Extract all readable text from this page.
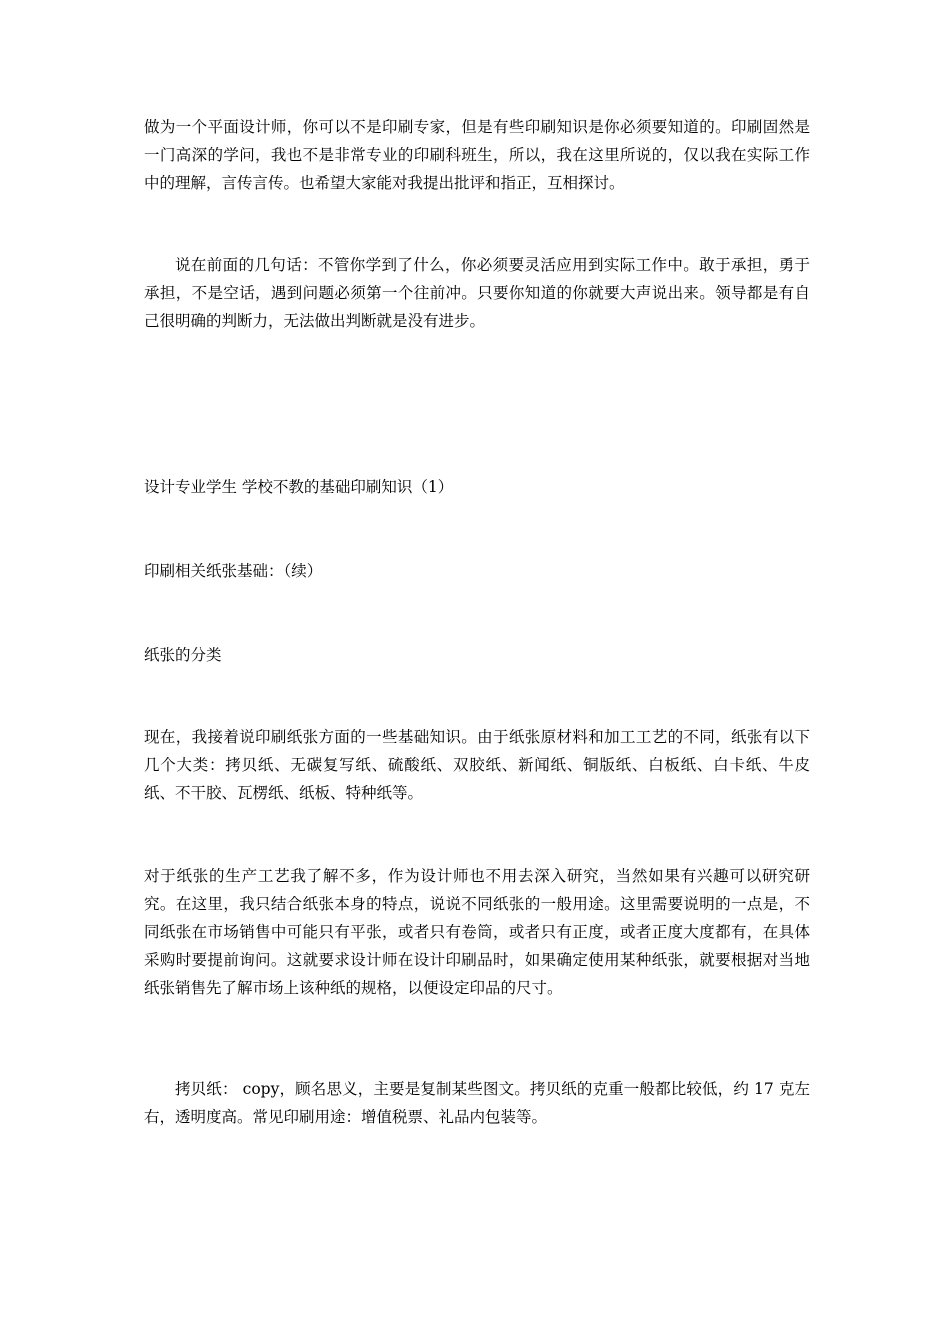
做为一个平面设计师，你可以不是印刷专家，但是有些印刷知识是你必须要知道的。印刷固然是一门高深的学问，我也不是非常专业的印刷科班生，所以，我在这里所说的，仅以我在实际工作中的理解，言传言传。也希望大家能对我提出批评和指正，互相探讨。

说在前面的几句话：不管你学到了什么，你必须要灵活应用到实际工作中。敢于承担，勇于承担，不是空话，遇到问题必须第一个往前冲。只要你知道的你就要大声说出来。领导都是有自己很明确的判断力，无法做出判断就是没有进步。

设计专业学生 学校不教的基础印刷知识（1）

印刷相关纸张基础：（续）

纸张的分类

现在，我接着说印刷纸张方面的一些基础知识。由于纸张原材料和加工工艺的不同，纸张有以下几个大类：拷贝纸、无碳复写纸、硫酸纸、双胶纸、新闻纸、铜版纸、白板纸、白卡纸、牛皮纸、不干胶、瓦楞纸、纸板、特种纸等。

对于纸张的生产工艺我了解不多，作为设计师也不用去深入研究，当然如果有兴趣可以研究研究。在这里，我只结合纸张本身的特点，说说不同纸张的一般用途。这里需要说明的一点是，不同纸张在市场销售中可能只有平张，或者只有卷筒，或者只有正度，或者正度大度都有，在具体采购时要提前询问。这就要求设计师在设计印刷品时，如果确定使用某种纸张，就要根据对当地纸张销售先了解市场上该种纸的规格，以便设定印品的尺寸。

拷贝纸： copy，顾名思义，主要是复制某些图文。拷贝纸的克重一般都比较低，约 17 克左右，透明度高。常见印刷用途：增值税票、礼品内包装等。
